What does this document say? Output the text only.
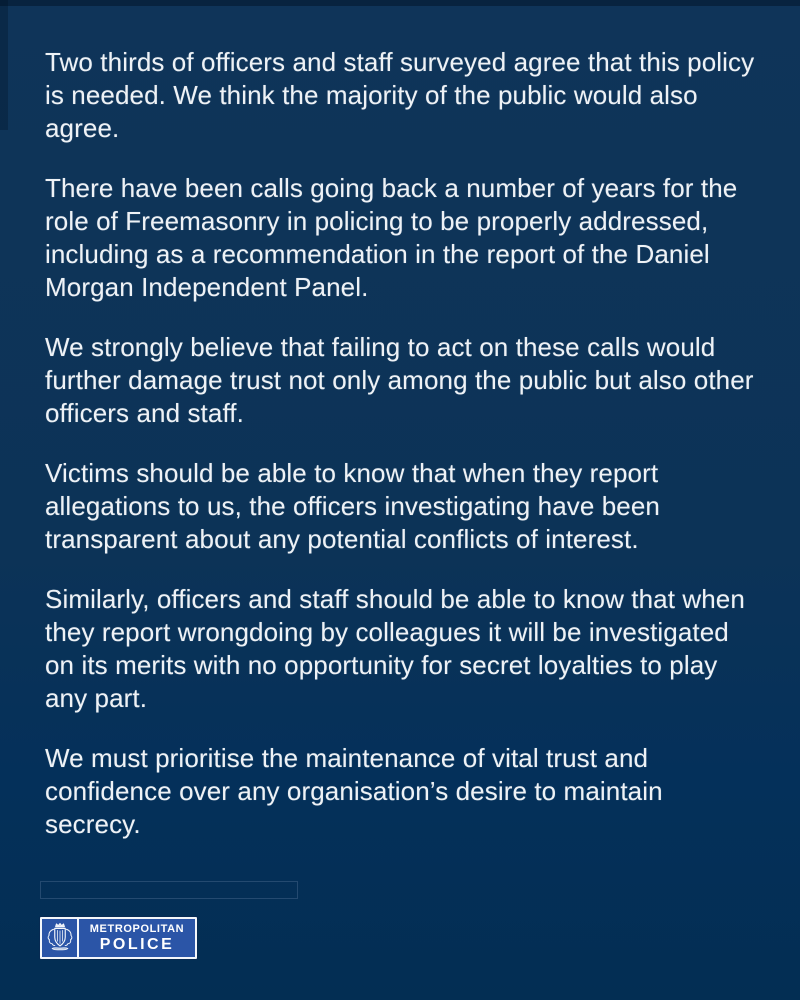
Two thirds of officers and staff surveyed agree that this policy is needed. We think the majority of the public would also agree.

There have been calls going back a number of years for the role of Freemasonry in policing to be properly addressed, including as a recommendation in the report of the Daniel Morgan Independent Panel.

We strongly believe that failing to act on these calls would further damage trust not only among the public but also other officers and staff.

Victims should be able to know that when they report allegations to us, the officers investigating have been transparent about any potential conflicts of interest.

Similarly, officers and staff should be able to know that when they report wrongdoing by colleagues it will be investigated on its merits with no opportunity for secret loyalties to play any part.

We must prioritise the maintenance of vital trust and confidence over any organisation’s desire to maintain secrecy.

METROPOLITAN
POLICE
